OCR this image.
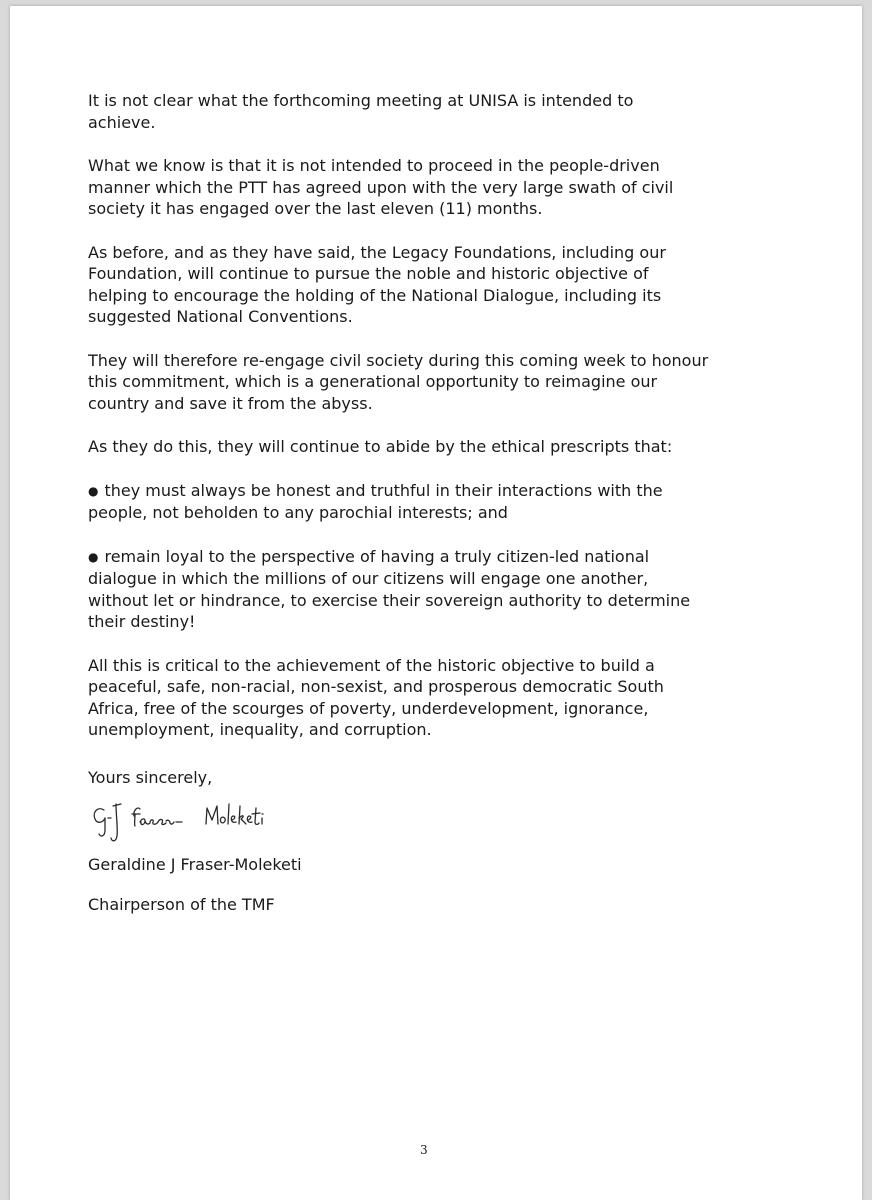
It is not clear what the forthcoming meeting at UNISA is intended to
achieve.

What we know is that it is not intended to proceed in the people-driven
manner which the PTT has agreed upon with the very large swath of civil
society it has engaged over the last eleven (11) months.

As before, and as they have said, the Legacy Foundations, including our
Foundation, will continue to pursue the noble and historic objective of
helping to encourage the holding of the National Dialogue, including its
suggested National Conventions.

They will therefore re-engage civil society during this coming week to honour
this commitment, which is a generational opportunity to reimagine our
country and save it from the abyss.

As they do this, they will continue to abide by the ethical prescripts that:

● they must always be honest and truthful in their interactions with the
people, not beholden to any parochial interests; and
● remain loyal to the perspective of having a truly citizen-led national
dialogue in which the millions of our citizens will engage one another,
without let or hindrance, to exercise their sovereign authority to determine
their destiny!

All this is critical to the achievement of the historic objective to build a
peaceful, safe, non-racial, non-sexist, and prosperous democratic South
Africa, free of the scourges of poverty, underdevelopment, ignorance,
unemployment, inequality, and corruption.

Yours sincerely,
Geraldine J Fraser-Moleketi
Chairperson of the TMF
3
